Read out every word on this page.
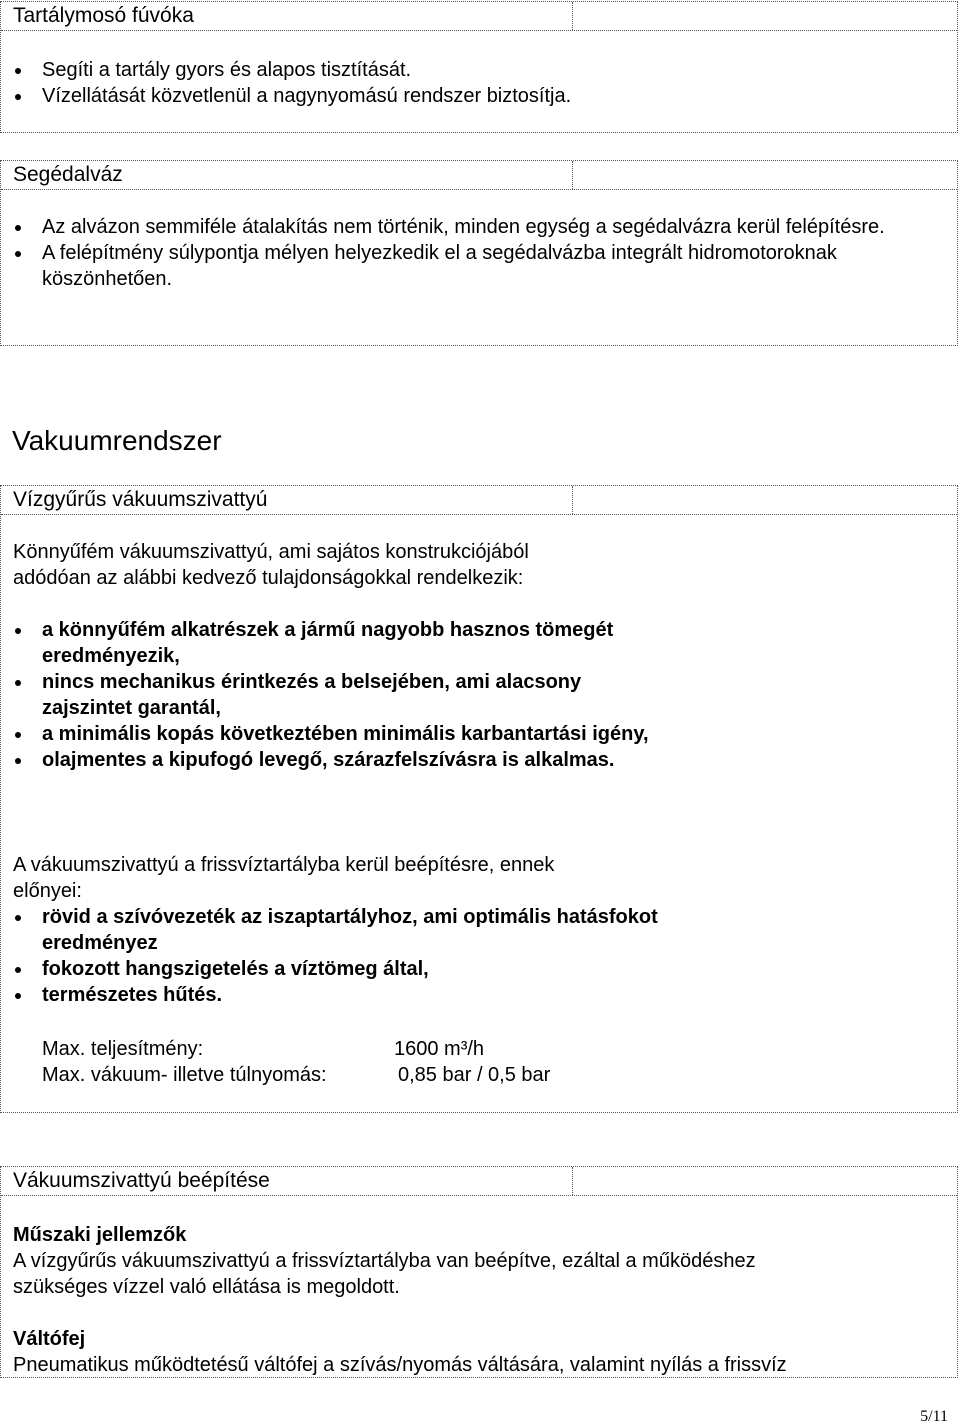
Tartálymosó fúvóka
Segíti a tartály gyors és alapos tisztítását.
Vízellátását közvetlenül a nagynyomású rendszer biztosítja.
Segédalváz
Az alvázon semmiféle átalakítás nem történik, minden egység a segédalvázra kerül felépítésre.
A felépítmény súlypontja mélyen helyezkedik el a segédalvázba integrált hidromotoroknak köszönhetően.
Vakuumrendszer
Vízgyűrűs vákuumszivattyú
Könnyűfém vákuumszivattyú, ami sajátos konstrukciójából
adódóan az alábbi kedvező tulajdonságokkal rendelkezik:
a könnyűfém alkatrészek a jármű nagyobb hasznos tömegét eredményezik,
nincs mechanikus érintkezés a belsejében, ami alacsony zajszintet garantál,
a minimális kopás következtében minimális karbantartási igény,
olajmentes a kipufogó levegő, szárazfelszívásra is alkalmas.
A vákuumszivattyú a frissvíztartályba kerül beépítésre, ennek
előnyei:
rövid a szívóvezeték az iszaptartályhoz, ami optimális hatásfokot eredményez
fokozott hangszigetelés a víztömeg által,
természetes hűtés.
Max. teljesítmény:	1600 m³/h
Max. vákuum- illetve túlnyomás:	0,85 bar / 0,5 bar
Vákuumszivattyú beépítése
Műszaki jellemzők
A vízgyűrűs vákuumszivattyú a frissvíztartályba van beépítve, ezáltal a működéshez
szükséges vízzel való ellátása is megoldott.
Váltófej
Pneumatikus működtetésű váltófej a szívás/nyomás váltására, valamint nyílás a frissvíz
5/11
